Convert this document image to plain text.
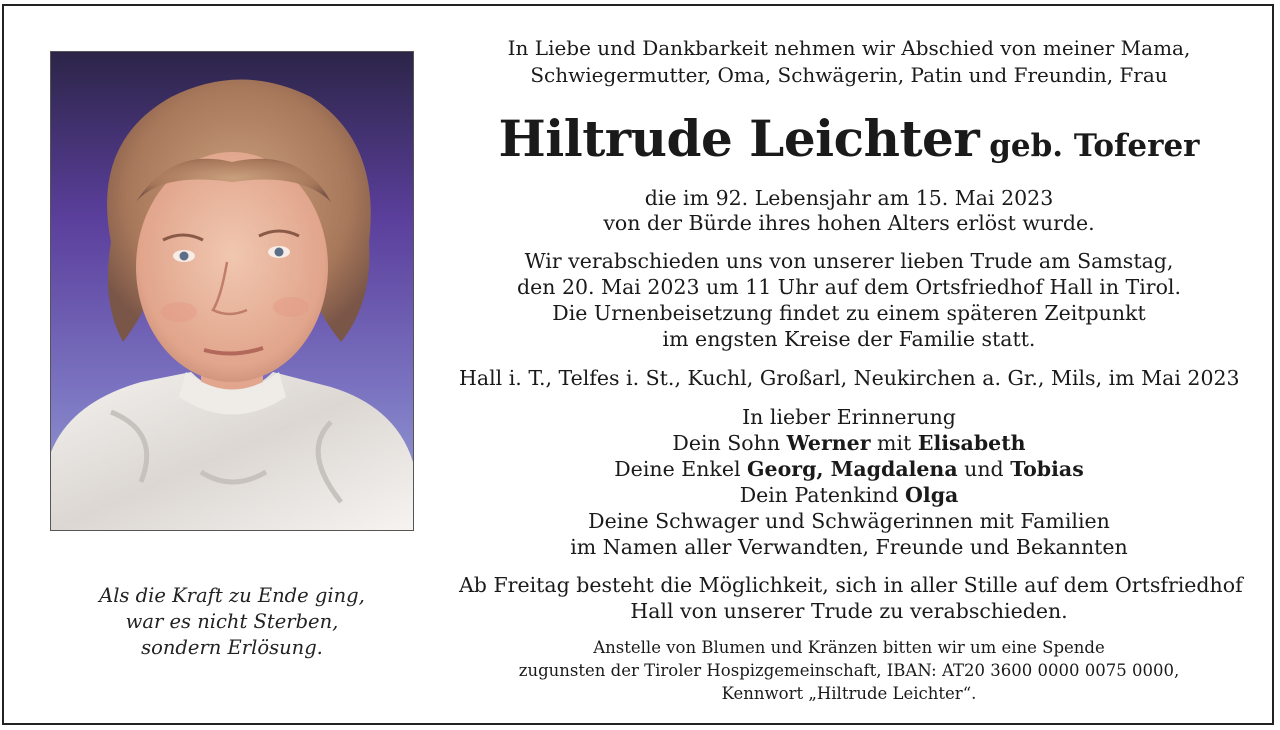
Als die Kraft zu Ende ging,
war es nicht Sterben,
sondern Erlösung.
In Liebe und Dankbarkeit nehmen wir Abschied von meiner Mama,
Schwiegermutter, Oma, Schwägerin, Patin und Freundin, Frau
Hiltrude Leichter geb. Toferer
die im 92. Lebensjahr am 15. Mai 2023
von der Bürde ihres hohen Alters erlöst wurde.
Wir verabschieden uns von unserer lieben Trude am Samstag,
den 20. Mai 2023 um 11 Uhr auf dem Ortsfriedhof Hall in Tirol.
Die Urnenbeisetzung findet zu einem späteren Zeitpunkt
im engsten Kreise der Familie statt.
Hall i. T., Telfes i. St., Kuchl, Großarl, Neukirchen a. Gr., Mils, im Mai 2023
In lieber Erinnerung
Dein Sohn Werner mit Elisabeth
Deine Enkel Georg, Magdalena und Tobias
Dein Patenkind Olga
Deine Schwager und Schwägerinnen mit Familien
im Namen aller Verwandten, Freunde und Bekannten
Ab Freitag besteht die Möglichkeit, sich in aller Stille auf dem Ortsfriedhof
Hall von unserer Trude zu verabschieden.
Anstelle von Blumen und Kränzen bitten wir um eine Spende
zugunsten der Tiroler Hospizgemeinschaft, IBAN: AT20 3600 0000 0075 0000,
Kennwort „Hiltrude Leichter“.
